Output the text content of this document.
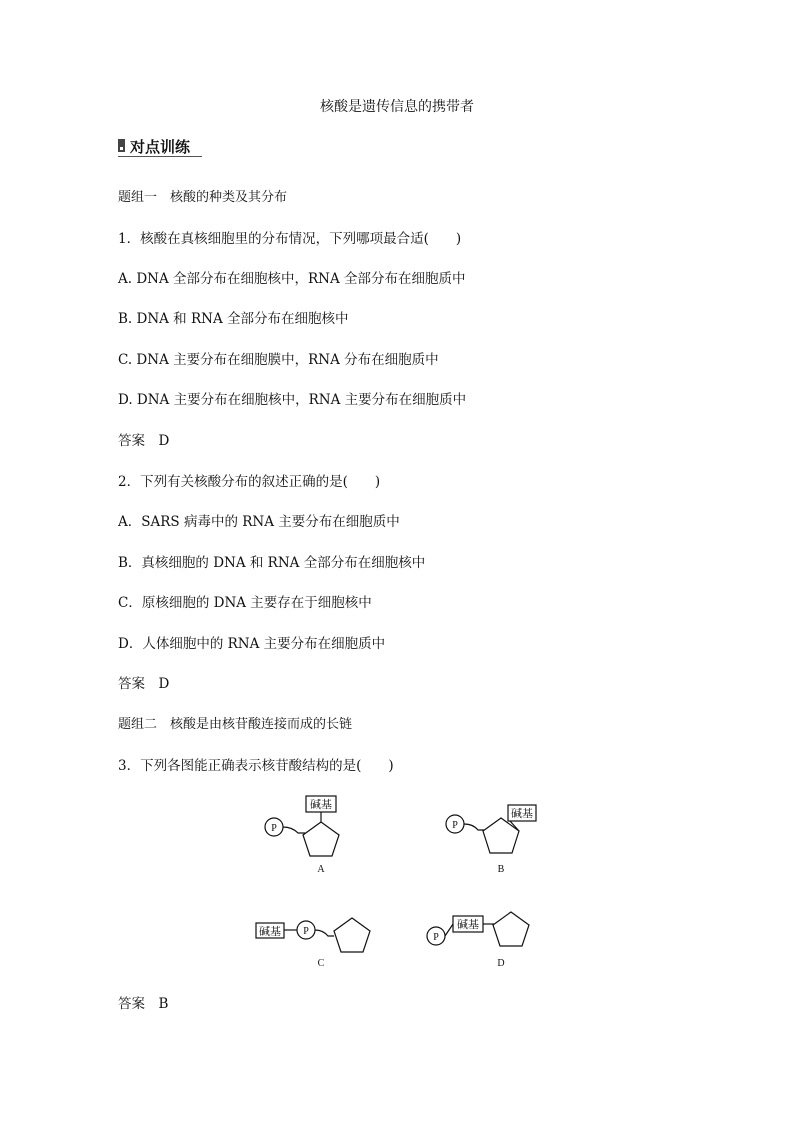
核酸是遗传信息的携带者
对点训练
题组一　核酸的种类及其分布
1．核酸在真核细胞里的分布情况，下列哪项最合适(　　)
A. DNA 全部分布在细胞核中，RNA 全部分布在细胞质中
B. DNA 和 RNA 全部分布在细胞核中
C. DNA 主要分布在细胞膜中，RNA 分布在细胞质中
D. DNA 主要分布在细胞核中，RNA 主要分布在细胞质中
答案　D
2．下列有关核酸分布的叙述正确的是(　　)
A．SARS 病毒中的 RNA 主要分布在细胞质中
B．真核细胞的 DNA 和 RNA 全部分布在细胞核中
C．原核细胞的 DNA 主要存在于细胞核中
D．人体细胞中的 RNA 主要分布在细胞质中
答案　D
题组二　核酸是由核苷酸连接而成的长链
3．下列各图能正确表示核苷酸结构的是(　　)
P
碱基
A
P
碱基
B
碱基 P
C
P
碱基
D
答案　B
